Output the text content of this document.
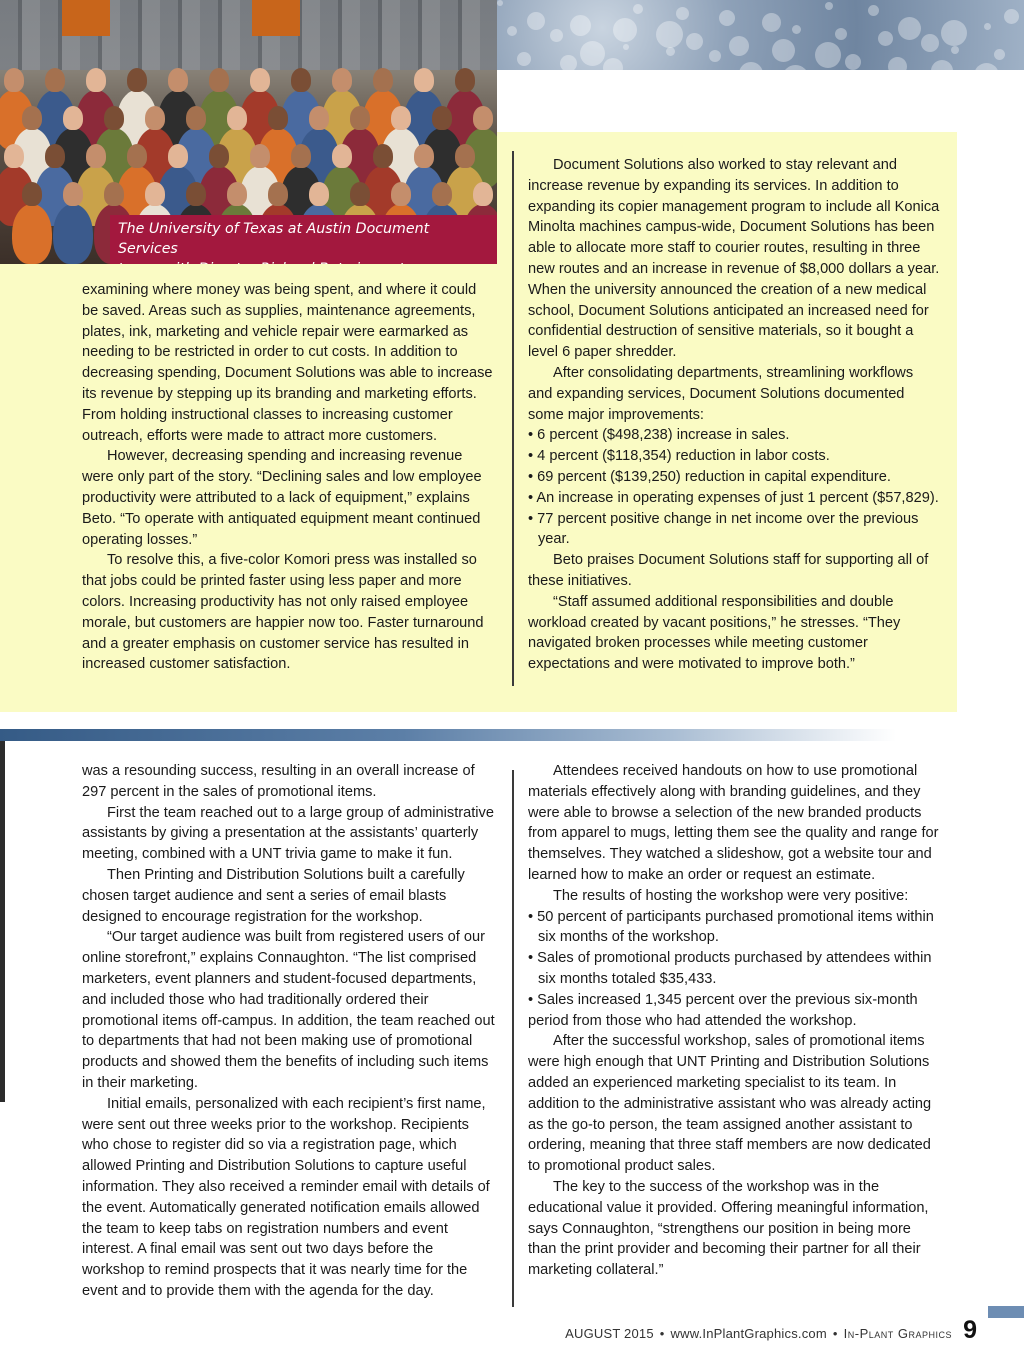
The University of Texas at Austin Document Services

examining where money was being spent, and where it could be saved. Areas such as supplies, maintenance agreements, plates, ink, marketing and vehicle repair were earmarked as needing to be restricted in order to cut costs. In addition to decreasing spending, Document Solutions was able to increase its revenue by stepping up its branding and marketing efforts. From holding instructional classes to increasing customer outreach, efforts were made to attract more customers.

However, decreasing spending and increasing revenue were only part of the story. “Declining sales and low employee productivity were attributed to a lack of equipment,” explains Beto. “To operate with antiquated equipment meant continued operating losses.”

To resolve this, a five-color Komori press was installed so that jobs could be printed faster using less paper and more colors. Increasing productivity has not only raised employee morale, but customers are happier now too. Faster turnaround and a greater emphasis on customer service has resulted in increased customer satisfaction.

Document Solutions also worked to stay relevant and increase revenue by expanding its services. In addition to expanding its copier management program to include all Konica Minolta machines campus-wide, Document Solutions has been able to allocate more staff to courier routes, resulting in three new routes and an increase in revenue of $8,000 dollars a year. When the university announced the creation of a new medical school, Document Solutions anticipated an increased need for confidential destruction of sensitive materials, so it bought a level 6 paper shredder.

After consolidating departments, streamlining workflows and expanding services, Document Solutions documented some major improvements:

• 6 percent ($498,238) increase in sales.
• 4 percent ($118,354) reduction in labor costs.
• 69 percent ($139,250) reduction in capital expenditure.
• An increase in operating expenses of just 1 percent ($57,829).
• 77 percent positive change in net income over the previous year.

Beto praises Document Solutions staff for supporting all of these initiatives.

“Staff assumed additional responsibilities and double workload created by vacant positions,” he stresses. “They navigated broken processes while meeting customer expectations and were motivated to improve both.”

was a resounding success, resulting in an overall increase of 297 percent in the sales of promotional items.

First the team reached out to a large group of administrative assistants by giving a presentation at the assistants’ quarterly meeting, combined with a UNT trivia game to make it fun.

Then Printing and Distribution Solutions built a carefully chosen target audience and sent a series of email blasts designed to encourage registration for the workshop.

“Our target audience was built from registered users of our online storefront,” explains Connaughton. “The list comprised marketers, event planners and student-focused departments, and included those who had traditionally ordered their promotional items off-campus. In addition, the team reached out to departments that had not been making use of promotional products and showed them the benefits of including such items in their marketing.

Initial emails, personalized with each recipient’s first name, were sent out three weeks prior to the workshop. Recipients who chose to register did so via a registration page, which allowed Printing and Distribution Solutions to capture useful information. They also received a reminder email with details of the event. Automatically generated notification emails allowed the team to keep tabs on registration numbers and event interest. A final email was sent out two days before the workshop to remind prospects that it was nearly time for the event and to provide them with the agenda for the day.

Attendees received handouts on how to use promotional materials effectively along with branding guidelines, and they were able to browse a selection of the new branded products from apparel to mugs, letting them see the quality and range for themselves. They watched a slideshow, got a website tour and learned how to make an order or request an estimate.

The results of hosting the workshop were very positive:

• 50 percent of participants purchased promotional items within six months of the workshop.
• Sales of promotional products purchased by attendees within six months totaled $35,433.
• Sales increased 1,345 percent over the previous six-month
period from those who had attended the workshop.

After the successful workshop, sales of promotional items were high enough that UNT Printing and Distribution Solutions added an experienced marketing specialist to its team. In addition to the administrative assistant who was already acting as the go-to person, the team assigned another assistant to ordering, meaning that three staff members are now dedicated to promotional product sales.

The key to the success of the workshop was in the educational value it provided. Offering meaningful information, says Connaughton, “strengthens our position in being more than the print provider and becoming their partner for all their marketing collateral.”

AUGUST 2015 • www.InPlantGraphics.com • In-Plant Graphics 9
